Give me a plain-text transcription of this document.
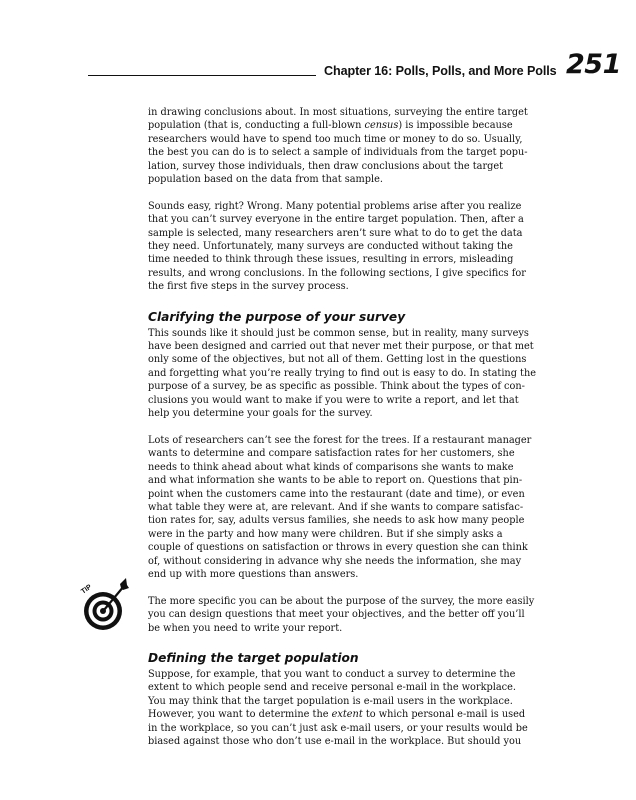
Chapter 16: Polls, Polls, and More Polls 251
TIP

in drawing conclusions about. In most situations, surveying the entire target
population (that is, conducting a full-blown census) is impossible because
researchers would have to spend too much time or money to do so. Usually,
the best you can do is to select a sample of individuals from the target popu-
lation, survey those individuals, then draw conclusions about the target
population based on the data from that sample.

Sounds easy, right? Wrong. Many potential problems arise after you realize
that you can’t survey everyone in the entire target population. Then, after a
sample is selected, many researchers aren’t sure what to do to get the data
they need. Unfortunately, many surveys are conducted without taking the
time needed to think through these issues, resulting in errors, misleading
results, and wrong conclusions. In the following sections, I give specifics for
the first five steps in the survey process.

Clarifying the purpose of your survey

This sounds like it should just be common sense, but in reality, many surveys
have been designed and carried out that never met their purpose, or that met
only some of the objectives, but not all of them. Getting lost in the questions
and forgetting what you’re really trying to find out is easy to do. In stating the
purpose of a survey, be as specific as possible. Think about the types of con-
clusions you would want to make if you were to write a report, and let that
help you determine your goals for the survey.

Lots of researchers can’t see the forest for the trees. If a restaurant manager
wants to determine and compare satisfaction rates for her customers, she
needs to think ahead about what kinds of comparisons she wants to make
and what information she wants to be able to report on. Questions that pin-
point when the customers came into the restaurant (date and time), or even
what table they were at, are relevant. And if she wants to compare satisfac-
tion rates for, say, adults versus families, she needs to ask how many people
were in the party and how many were children. But if she simply asks a
couple of questions on satisfaction or throws in every question she can think
of, without considering in advance why she needs the information, she may
end up with more questions than answers.

The more specific you can be about the purpose of the survey, the more easily
you can design questions that meet your objectives, and the better off you’ll
be when you need to write your report.

Defining the target population

Suppose, for example, that you want to conduct a survey to determine the
extent to which people send and receive personal e-mail in the workplace.
You may think that the target population is e-mail users in the workplace.
However, you want to determine the extent to which personal e-mail is used
in the workplace, so you can’t just ask e-mail users, or your results would be
biased against those who don’t use e-mail in the workplace. But should you
